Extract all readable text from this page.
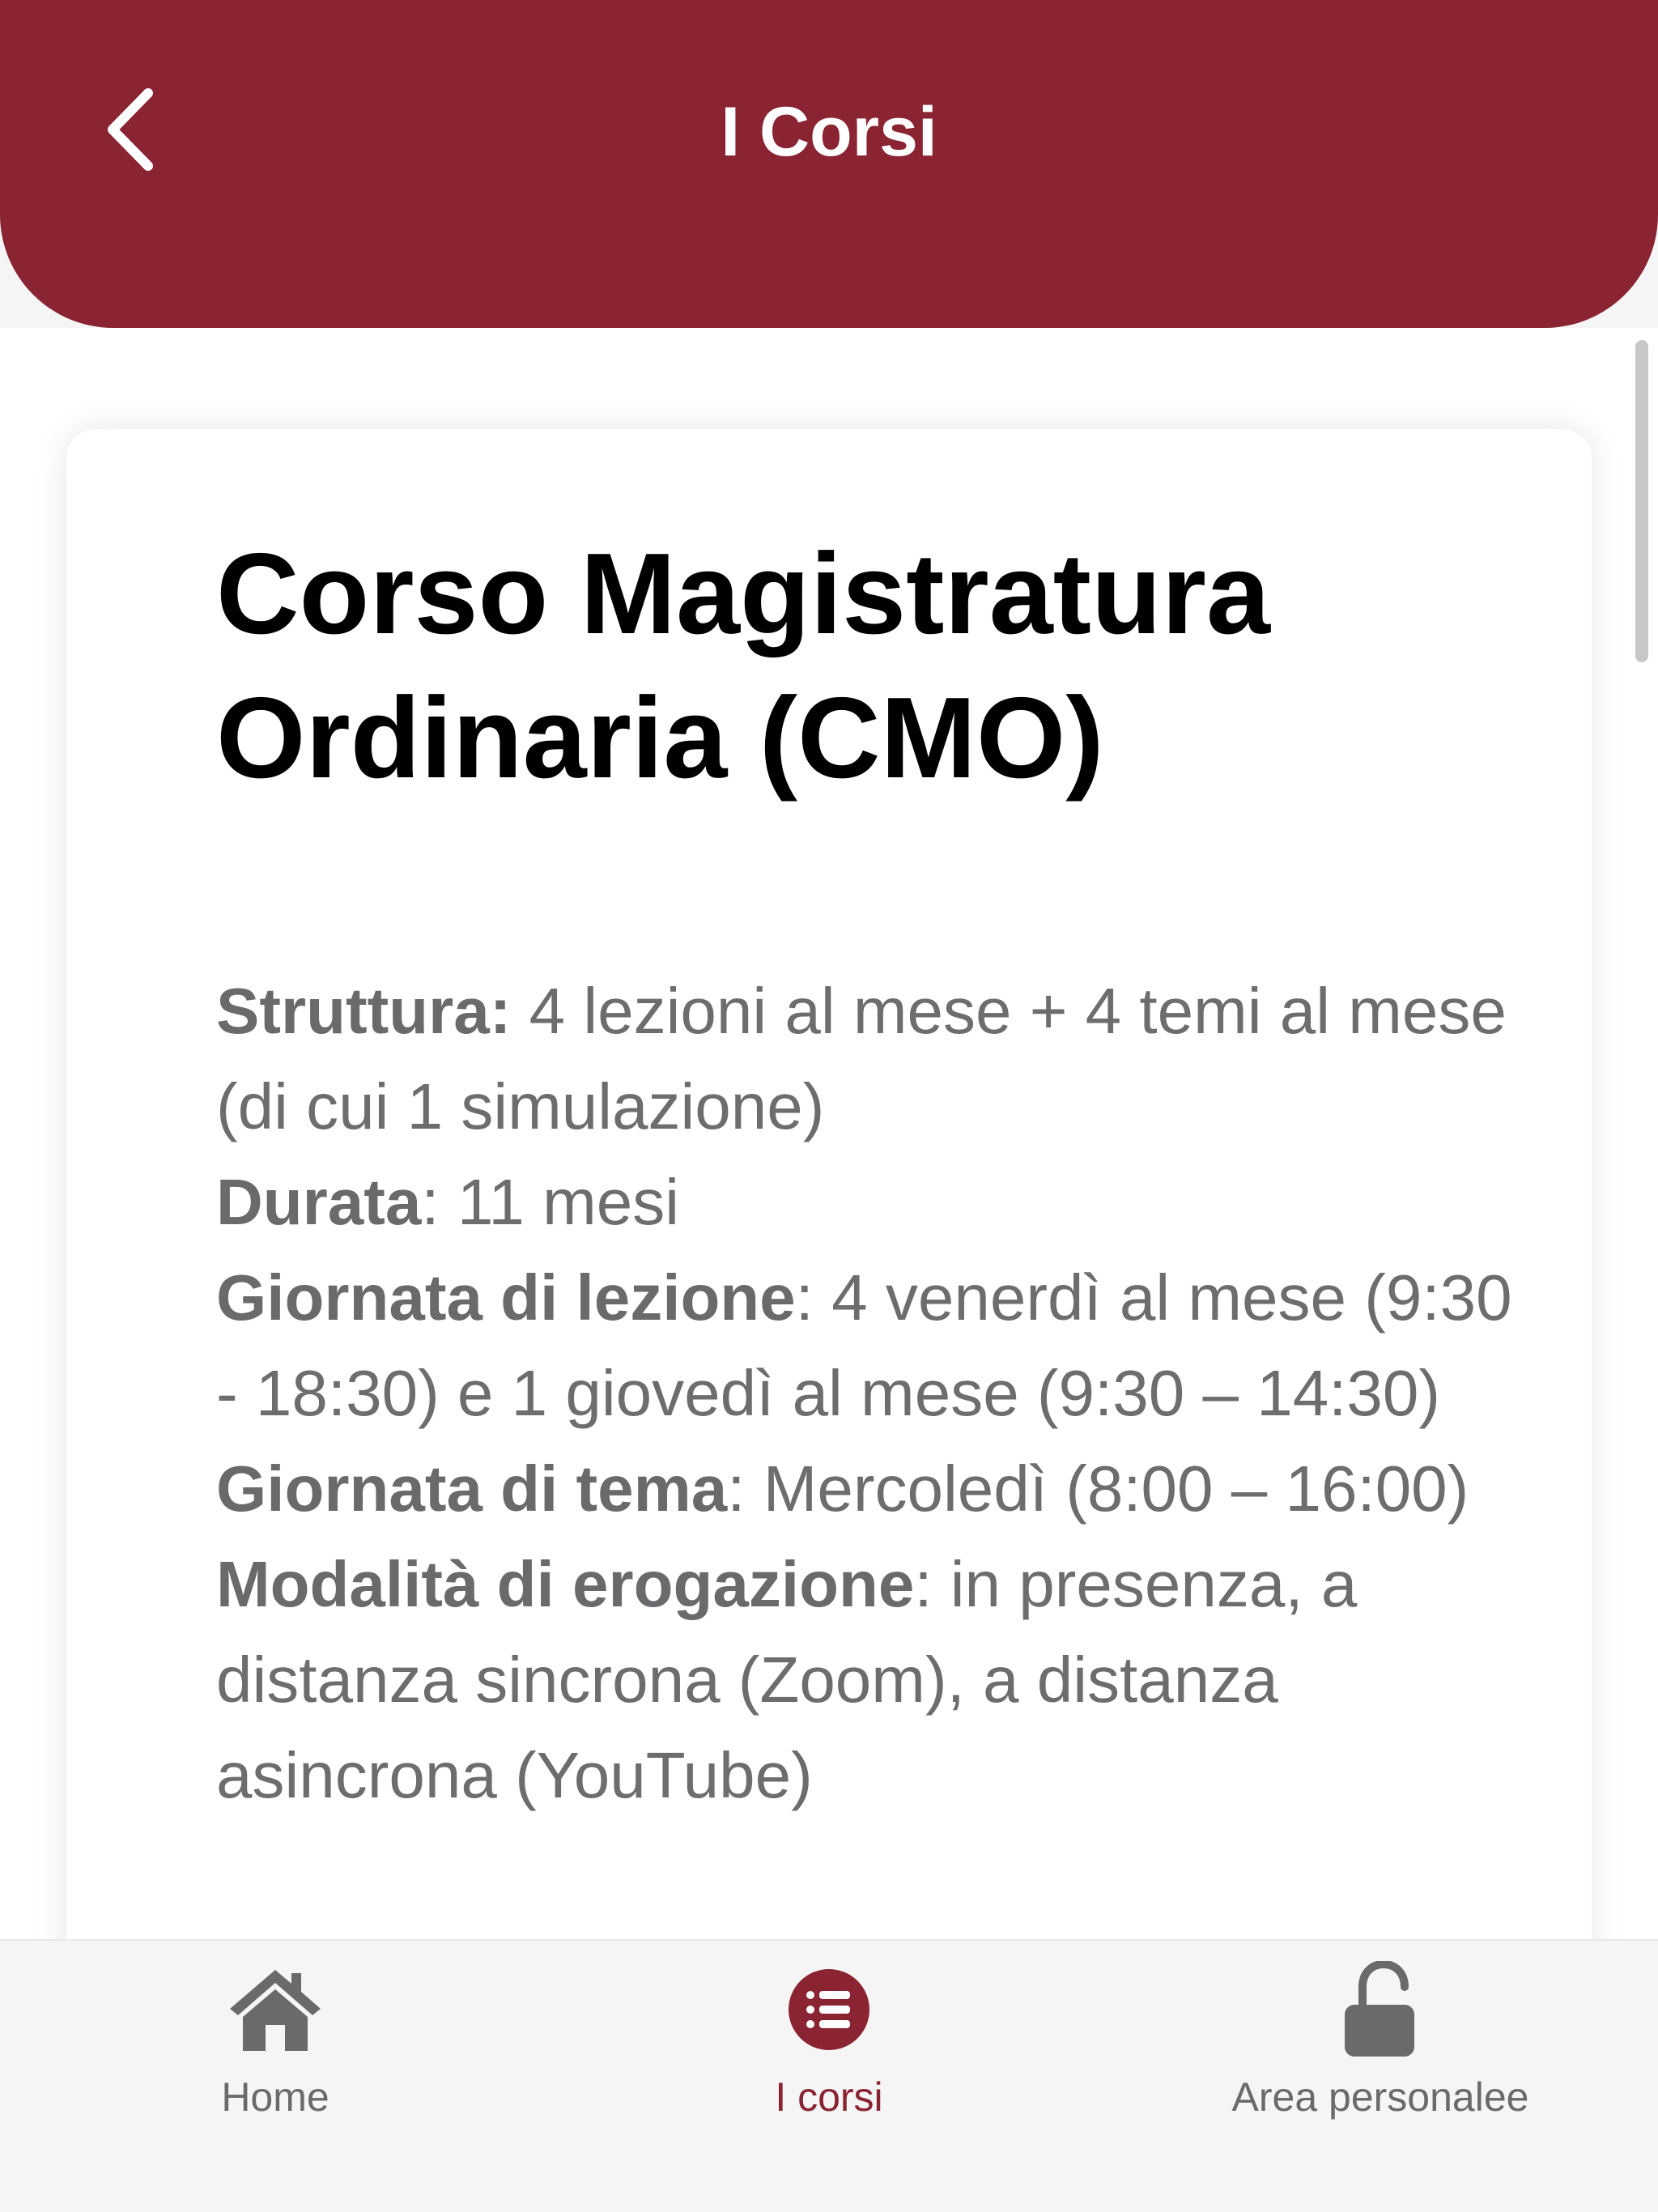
I Corsi
Corso Magistratura Ordinaria (CMO)

Struttura: 4 lezioni al mese + 4 temi al mese (di cui 1 simulazione)

Durata: 11 mesi

Giornata di lezione: 4 venerdì al mese (9:30 - 18:30) e 1 giovedì al mese (9:30 – 14:30)

Giornata di tema: Mercoledì (8:00 – 16:00)

Modalità di erogazione: in presenza, a distanza sincrona (Zoom), a distanza asincrona (YouTube)

Home	I corsi	Area personalee
